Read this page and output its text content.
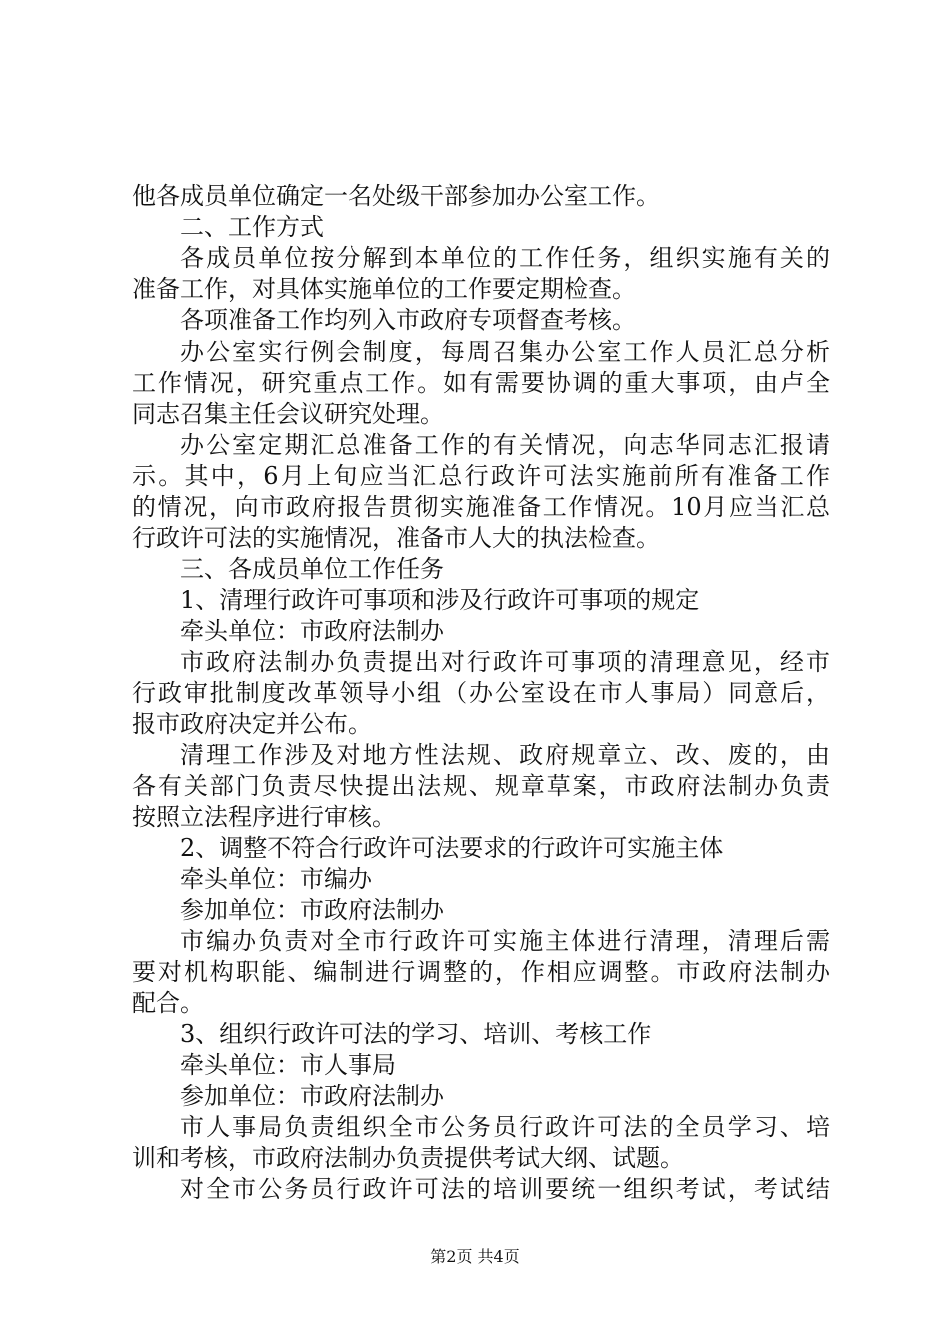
他各成员单位确定一名处级干部参加办公室工作。
二、工作方式
各成员单位按分解到本单位的工作任务，组织实施有关的
准备工作，对具体实施单位的工作要定期检查。
各项准备工作均列入市政府专项督查考核。
办公室实行例会制度，每周召集办公室工作人员汇总分析
工作情况，研究重点工作。如有需要协调的重大事项，由卢全
同志召集主任会议研究处理。
办公室定期汇总准备工作的有关情况，向志华同志汇报请
示。其中，6月上旬应当汇总行政许可法实施前所有准备工作
的情况，向市政府报告贯彻实施准备工作情况。10月应当汇总
行政许可法的实施情况，准备市人大的执法检查。
三、各成员单位工作任务
1、清理行政许可事项和涉及行政许可事项的规定
牵头单位：市政府法制办
市政府法制办负责提出对行政许可事项的清理意见，经市
行政审批制度改革领导小组（办公室设在市人事局）同意后，
报市政府决定并公布。
清理工作涉及对地方性法规、政府规章立、改、废的，由
各有关部门负责尽快提出法规、规章草案，市政府法制办负责
按照立法程序进行审核。
2、调整不符合行政许可法要求的行政许可实施主体
牵头单位：市编办
参加单位：市政府法制办
市编办负责对全市行政许可实施主体进行清理，清理后需
要对机构职能、编制进行调整的，作相应调整。市政府法制办
配合。
3、组织行政许可法的学习、培训、考核工作
牵头单位：市人事局
参加单位：市政府法制办
市人事局负责组织全市公务员行政许可法的全员学习、培
训和考核，市政府法制办负责提供考试大纲、试题。
对全市公务员行政许可法的培训要统一组织考试，考试结
第2页 共4页
